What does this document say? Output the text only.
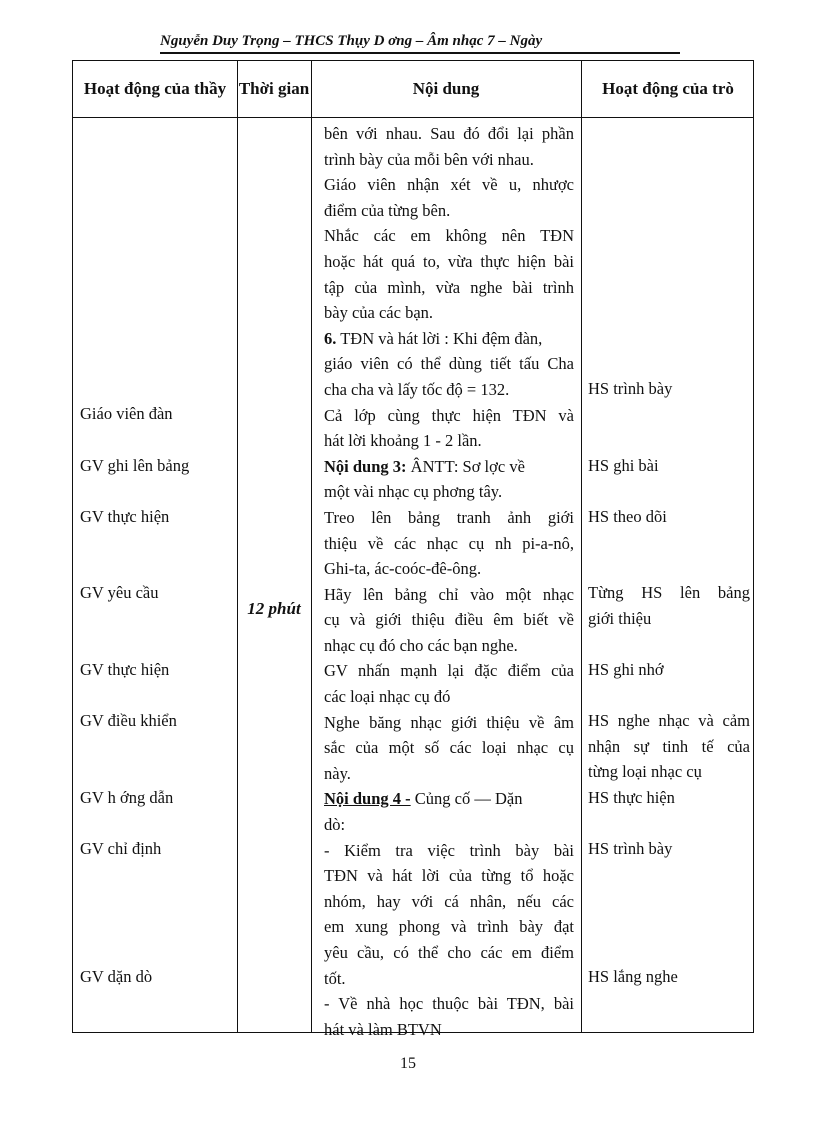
Nguyễn Duy Trọng – THCS Thụy D ơng – Âm nhạc 7 – Ngày
Hoạt động của thầy Thời gian	Nội dung	Hoạt động của trò
Giáo viên đàn
GV ghi lên bảng
GV thực hiện
GV yêu cầu
GV thực hiện
GV điều khiển
GV h ớng dẫn
GV chỉ định
GV dặn dò
12 phút
bên với nhau. Sau đó đổi lại phần
trình bày của mỗi bên với nhau.
Giáo viên nhận xét về u, nhược
điểm của từng bên.
Nhắc các em không nên TĐN
hoặc hát quá to, vừa thực hiện bài
tập của mình, vừa nghe bài trình
bày của các bạn.
6. TĐN và hát lời : Khi đệm đàn,
giáo viên có thể dùng tiết tấu Cha
cha cha và lấy tốc độ = 132.
Cả lớp cùng thực hiện TĐN và
hát lời khoảng 1 - 2 lần.
Nội dung 3: ÂNTT: Sơ lợc về
một vài nhạc cụ phơng tây.
Treo lên bảng tranh ảnh giới
thiệu về các nhạc cụ nh pi-a-nô,
Ghi-ta, ác-coóc-đê-ông.
Hãy lên bảng chỉ vào một nhạc
cụ và giới thiệu điều êm biết về
nhạc cụ đó cho các bạn nghe.
GV nhấn mạnh lại đặc điểm của
các loại nhạc cụ đó
Nghe băng nhạc giới thiệu về âm
sắc của một số các loại nhạc cụ
này.
Nội dung 4 - Củng cố — Dặn
dò:
- Kiểm tra việc trình bày bài
TĐN và hát lời của từng tổ hoặc
nhóm, hay với cá nhân, nếu các
em xung phong và trình bày đạt
yêu cầu, có thể cho các em điểm
tốt.
- Về nhà học thuộc bài TĐN, bài
hát và làm BTVN
HS trình bày
HS ghi bài
HS theo dõi
Từng HS lên bảng
giới thiệu
HS ghi nhớ
HS nghe nhạc và cảm
nhận sự tinh tế của
từng loại nhạc cụ
HS thực hiện
HS trình bày
HS lắng nghe
15
